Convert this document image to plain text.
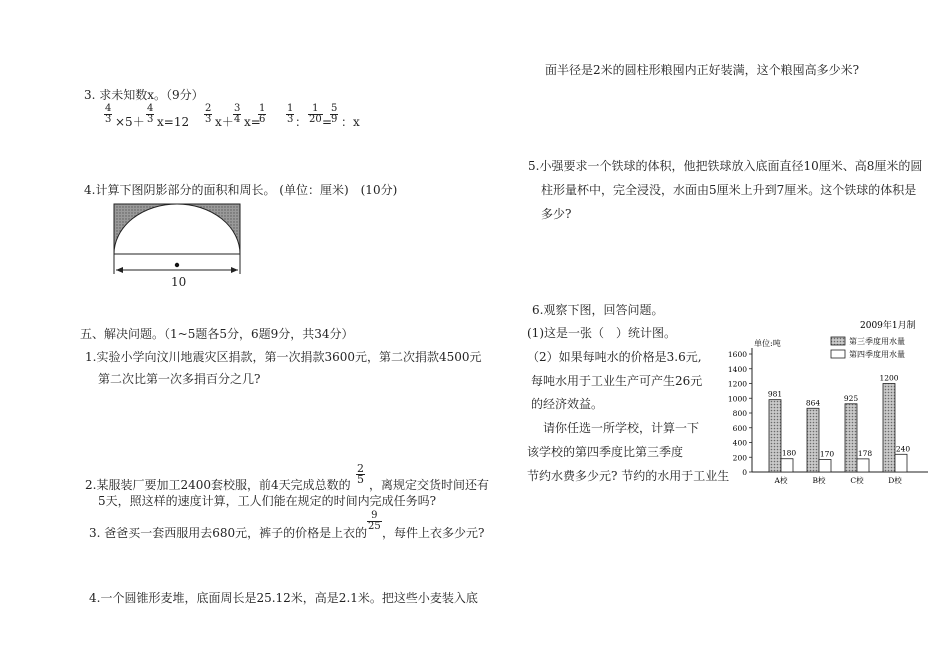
3. 求未知数x。（9分）
$\frac{4}{3} \times 5+ \frac{4}{3} x=12 \frac{2}{3} x+ \frac{3}{4} x=$
$\frac{1}{6} \frac{1}{3}$ ： $\frac{1}{20}$ =
$\frac{5}{9}$ ：x
4.计算下图阴影部分的面积和周长。 (单位：厘米)　(10分)
10
五、解决问题。（1~5题各5分，6题9分，共34分）
1.实验小学向汶川地震灾区捐款，第一次捐款3600元，第二次捐款4500元
第二次比第一次多捐百分之几?
2.某服装厂要加工2400套校服，前4天完成总数的 $\frac{2}{5}$ ，离规定交货时间还有
5天，照这样的速度计算，工人们能在规定的时间内完成任务吗?
3. 爸爸买一套西服用去680元，裤子的价格是上衣的
$\frac{9}{25}$
，每件上衣多少元?
4.一个圆锥形麦堆，底面周长是25.12米，高是2.1米。把这些小麦装入底
面半径是2米的圆柱形粮囤内正好装满，这个粮囤高多少米?
5.小强要求一个铁球的体积，他把铁球放入底面直径10厘米、高8厘米的圆
柱形量杯中，完全浸没，水面由5厘米上升到7厘米。这个铁球的体积是
多少?
6.观察下图，回答问题。
(1)这是一张（　）统计图。
（2）如果每吨水的价格是3.6元,
每吨水用于工业生产可产生26元
的经济效益。
请你任选一所学校，计算一下
该学校的第四季度比第三季度
节约水费多少元? 节约的水用于工业生
2009年1月制
单位:吨	第三季度用水量
第四季度用水量
0
200
400
600
800
1000
1200
1400
1600
981
180
A校
864
170
B校
925
178
C校
1200
240
D校
